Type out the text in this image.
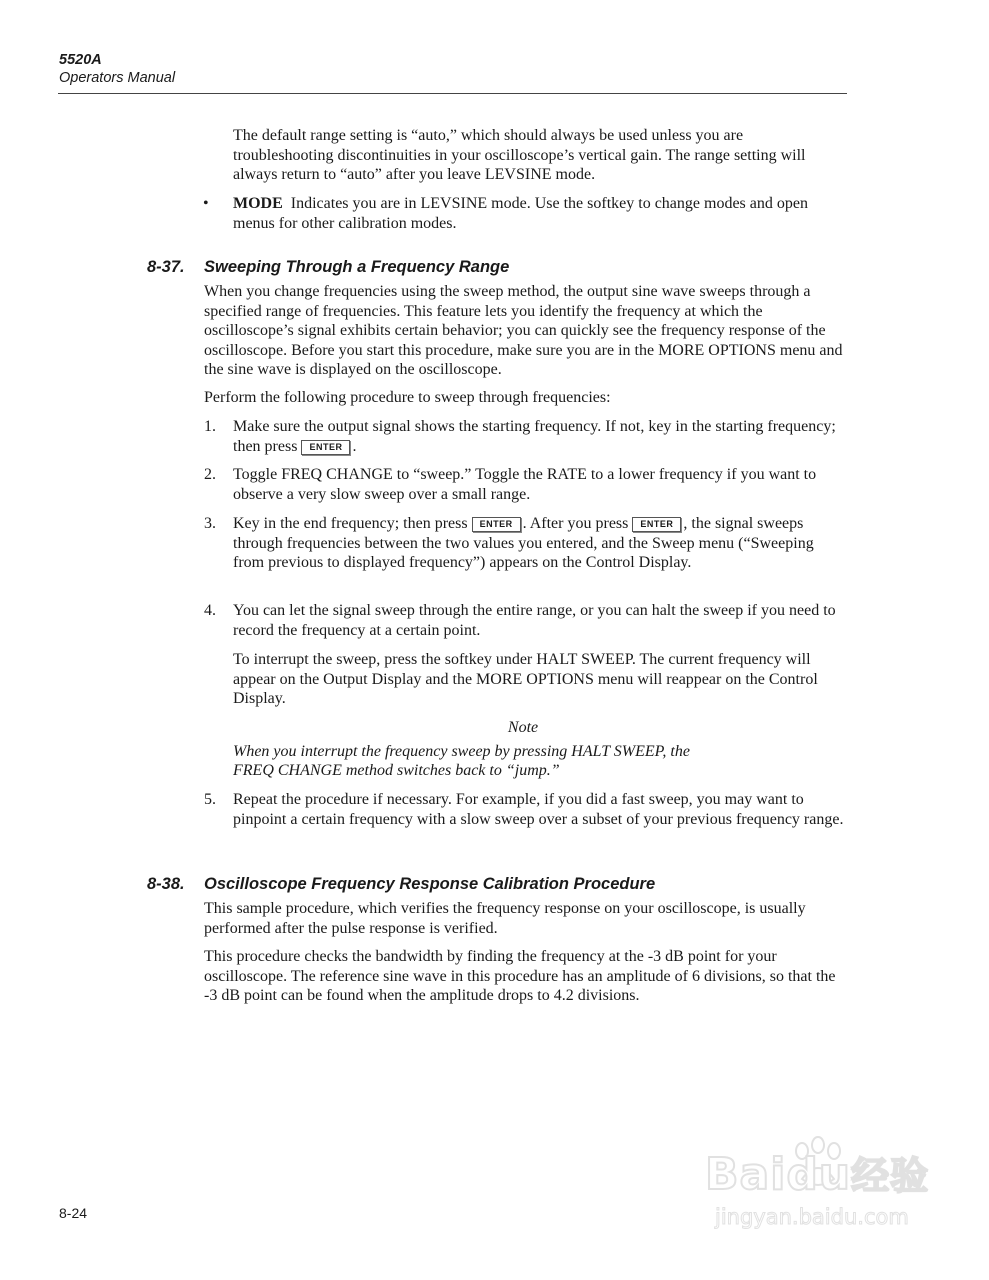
5520A
Operators Manual

The default range setting is “auto,” which should always be used unless you are troubleshooting discontinuities in your oscilloscope’s vertical gain. The range setting will always return to “auto” after you leave LEVSINE mode.

• MODE Indicates you are in LEVSINE mode. Use the softkey to change modes and open menus for other calibration modes.

8-37. Sweeping Through a Frequency Range

When you change frequencies using the sweep method, the output sine wave sweeps through a specified range of frequencies. This feature lets you identify the frequency at which the oscilloscope’s signal exhibits certain behavior; you can quickly see the frequency response of the oscilloscope. Before you start this procedure, make sure you are in the MORE OPTIONS menu and the sine wave is displayed on the oscilloscope.

Perform the following procedure to sweep through frequencies:

1. Make sure the output signal shows the starting frequency. If not, key in the starting frequency; then press ENTER .

2. Toggle FREQ CHANGE to “sweep.” Toggle the RATE to a lower frequency if you want to observe a very slow sweep over a small range.

3. Key in the end frequency; then press ENTER . After you press ENTER , the signal sweeps through frequencies between the two values you entered, and the Sweep menu (“Sweeping from previous to displayed frequency”) appears on the Control Display.

4. You can let the signal sweep through the entire range, or you can halt the sweep if you need to record the frequency at a certain point.

To interrupt the sweep, press the softkey under HALT SWEEP. The current frequency will appear on the Output Display and the MORE OPTIONS menu will reappear on the Control Display.

Note
When you interrupt the frequency sweep by pressing HALT SWEEP, the
FREQ CHANGE method switches back to “jump.”
5. Repeat the procedure if necessary. For example, if you did a fast sweep, you may want to pinpoint a certain frequency with a slow sweep over a subset of your previous frequency range.

8-38. Oscilloscope Frequency Response Calibration Procedure

This sample procedure, which verifies the frequency response on your oscilloscope, is usually performed after the pulse response is verified.

This procedure checks the bandwidth by finding the frequency at the -3 dB point for your oscilloscope. The reference sine wave in this procedure has an amplitude of 6 divisions, so that the -3 dB point can be found when the amplitude drops to 4.2 divisions.

8-24
Baidu经验
jingyan.baidu.com
